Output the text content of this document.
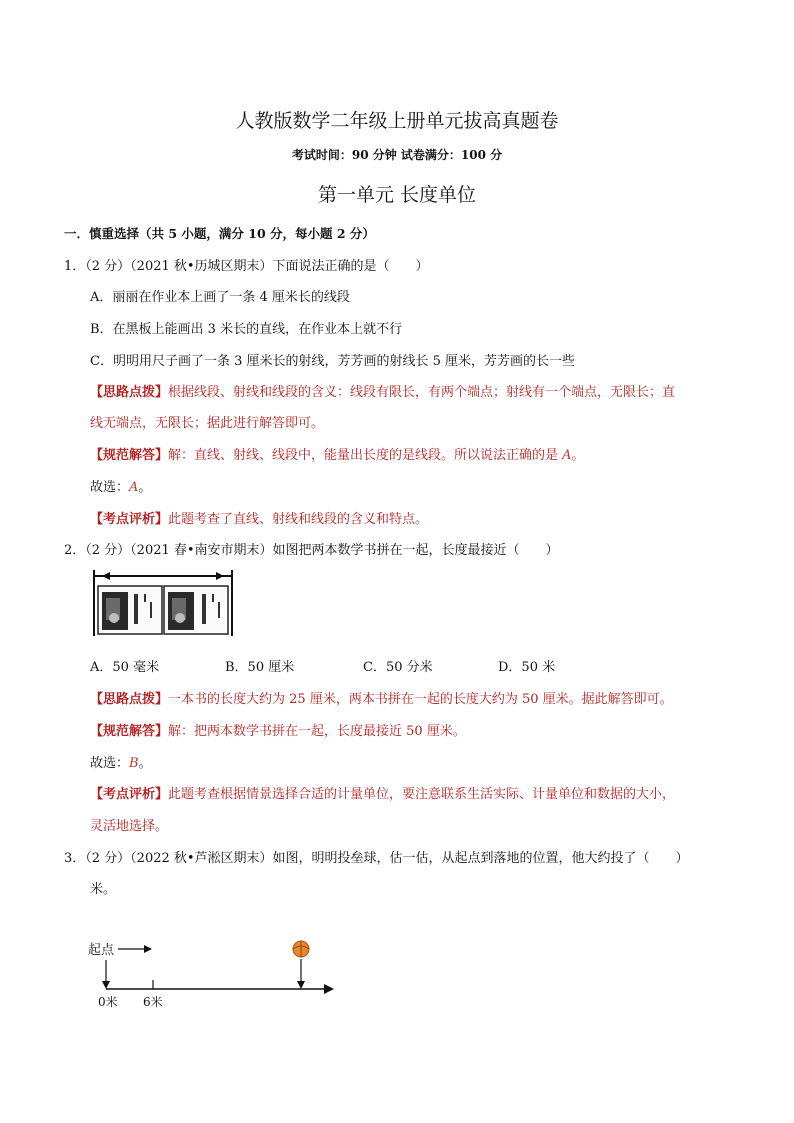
人教版数学二年级上册单元拔高真题卷
考试时间：90 分钟 试卷满分：100 分
第一单元 长度单位
一．慎重选择（共 5 小题，满分 10 分，每小题 2 分）
1．（2 分）（2021 秋•历城区期末）下面说法正确的是（　　）
A．丽丽在作业本上画了一条 4 厘米长的线段
B．在黑板上能画出 3 米长的直线，在作业本上就不行
C．明明用尺子画了一条 3 厘米长的射线，芳芳画的射线长 5 厘米，芳芳画的长一些
【思路点拨】根据线段、射线和线段的含义：线段有限长，有两个端点；射线有一个端点，无限长；直
线无端点，无限长；据此进行解答即可。
【规范解答】解：直线、射线、线段中，能量出长度的是线段。所以说法正确的是 A。
故选：A。
【考点评析】此题考查了直线、射线和线段的含义和特点。
2．（2 分）（2021 春•南安市期末）如图把两本数学书拼在一起，长度最接近（　　）
A．50 毫米	B．50 厘米	C．50 分米	D．50 米
【思路点拨】一本书的长度大约为 25 厘米，两本书拼在一起的长度大约为 50 厘米。据此解答即可。
【规范解答】解：把两本数学书拼在一起，长度最接近 50 厘米。
故选：B。
【考点评析】此题考查根据情景选择合适的计量单位，要注意联系生活实际、计量单位和数据的大小，
灵活地选择。
3．（2 分）（2022 秋•芦淞区期末）如图，明明投垒球，估一估，从起点到落地的位置，他大约投了（　　）
米。
起点
0米 6米
